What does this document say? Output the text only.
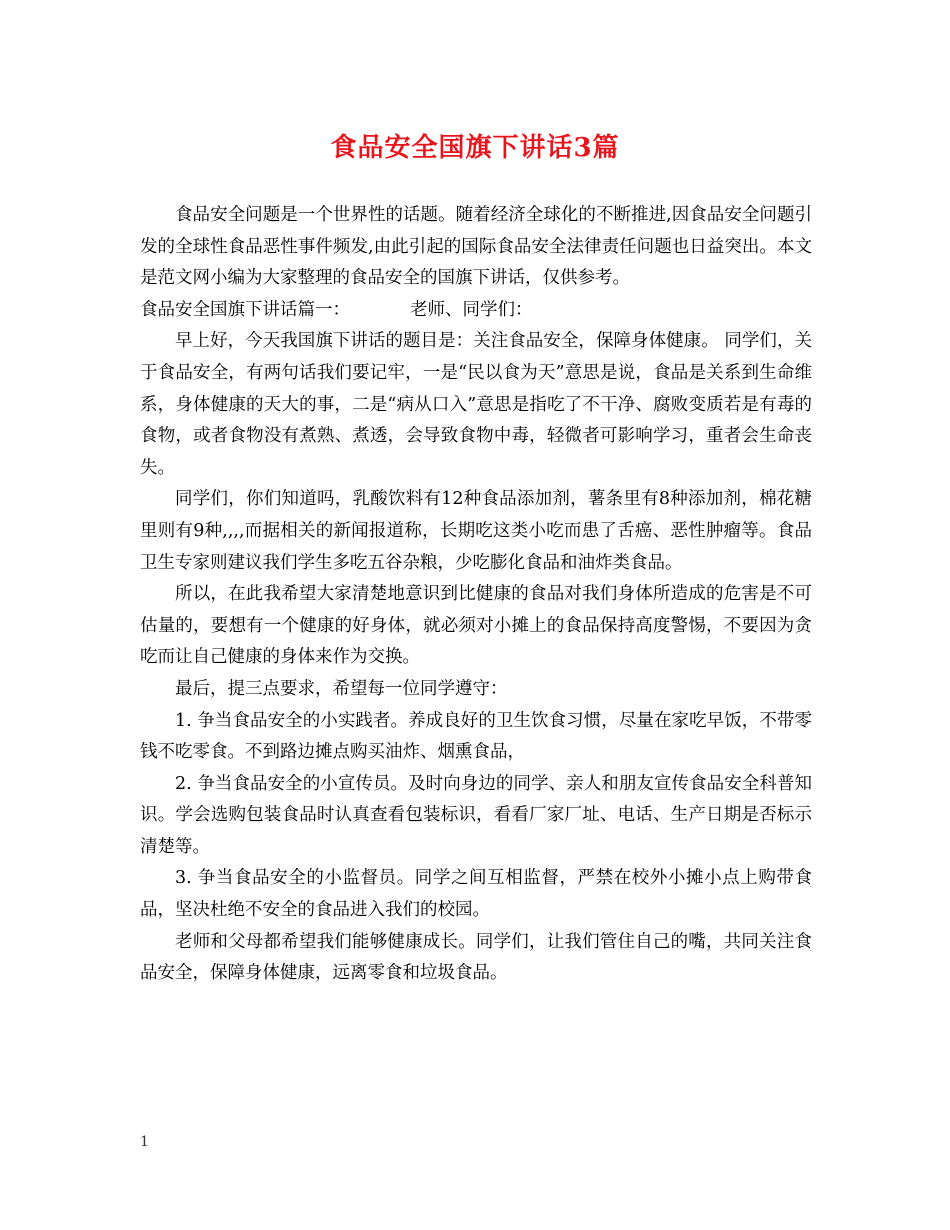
食品安全国旗下讲话3篇

食品安全问题是一个世界性的话题。随着经济全球化的不断推进,因食品安全问题引发的全球性食品恶性事件频发,由此引起的国际食品安全法律责任问题也日益突出。本文是范文网小编为大家整理的食品安全的国旗下讲话，仅供参考。

食品安全国旗下讲话篇一：	老师、同学们：

早上好，今天我国旗下讲话的题目是：关注食品安全，保障身体健康。 同学们，关于食品安全，有两句话我们要记牢，一是“民以食为天”意思是说，食品是关系到生命维系，身体健康的天大的事，二是“病从口入”意思是指吃了不干净、腐败变质若是有毒的食物，或者食物没有煮熟、煮透，会导致食物中毒，轻微者可影响学习，重者会生命丧失。

同学们，你们知道吗，乳酸饮料有12种食品添加剂，薯条里有8种添加剂，棉花糖里则有9种,,,,而据相关的新闻报道称，长期吃这类小吃而患了舌癌、恶性肿瘤等。食品卫生专家则建议我们学生多吃五谷杂粮，少吃膨化食品和油炸类食品。

所以，在此我希望大家清楚地意识到比健康的食品对我们身体所造成的危害是不可估量的，要想有一个健康的好身体，就必须对小摊上的食品保持高度警惕，不要因为贪吃而让自己健康的身体来作为交换。

最后，提三点要求，希望每一位同学遵守：

1. 争当食品安全的小实践者。养成良好的卫生饮食习惯，尽量在家吃早饭，不带零钱不吃零食。不到路边摊点购买油炸、烟熏食品，

2. 争当食品安全的小宣传员。及时向身边的同学、亲人和朋友宣传食品安全科普知识。学会选购包装食品时认真查看包装标识，看看厂家厂址、电话、生产日期是否标示清楚等。

3. 争当食品安全的小监督员。同学之间互相监督，严禁在校外小摊小点上购带食品，坚决杜绝不安全的食品进入我们的校园。

老师和父母都希望我们能够健康成长。同学们，让我们管住自己的嘴，共同关注食品安全，保障身体健康，远离零食和垃圾食品。

1
